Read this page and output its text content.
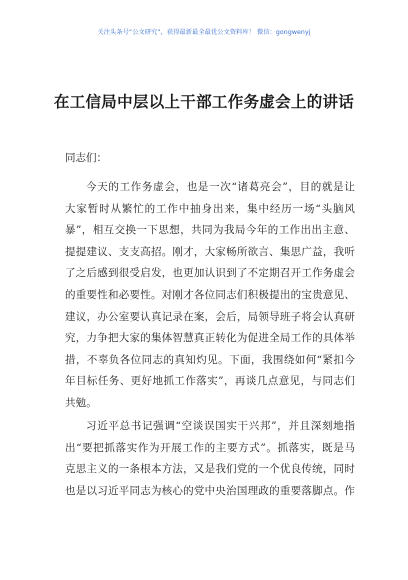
关注头条号“公文研究”，获得最新最全最优公文资料库！ 微信：gongwenyj
在工信局中层以上干部工作务虚会上的讲话
同志们：
今天的工作务虚会，也是一次“诸葛亮会”，目的就是让
大家暂时从繁忙的工作中抽身出来，集中经历一场“头脑风
暴”，相互交换一下思想，共同为我局今年的工作出出主意、
提提建议、支支高招。刚才，大家畅所欲言、集思广益，我听
了之后感到很受启发，也更加认识到了不定期召开工作务虚会
的重要性和必要性。对刚才各位同志们积极提出的宝贵意见、
建议，办公室要认真记录在案，会后，局领导班子将会认真研
究，力争把大家的集体智慧真正转化为促进全局工作的具体举
措，不辜负各位同志的真知灼见。下面，我围绕如何“紧扣今
年目标任务、更好地抓工作落实”，再谈几点意见，与同志们
共勉。
习近平总书记强调“空谈误国实干兴邦”，并且深刻地指
出“要把抓落实作为开展工作的主要方式”。抓落实，既是马
克思主义的一条根本方法，又是我们党的一个优良传统，同时
也是以习近平同志为核心的党中央治国理政的重要落脚点。作
